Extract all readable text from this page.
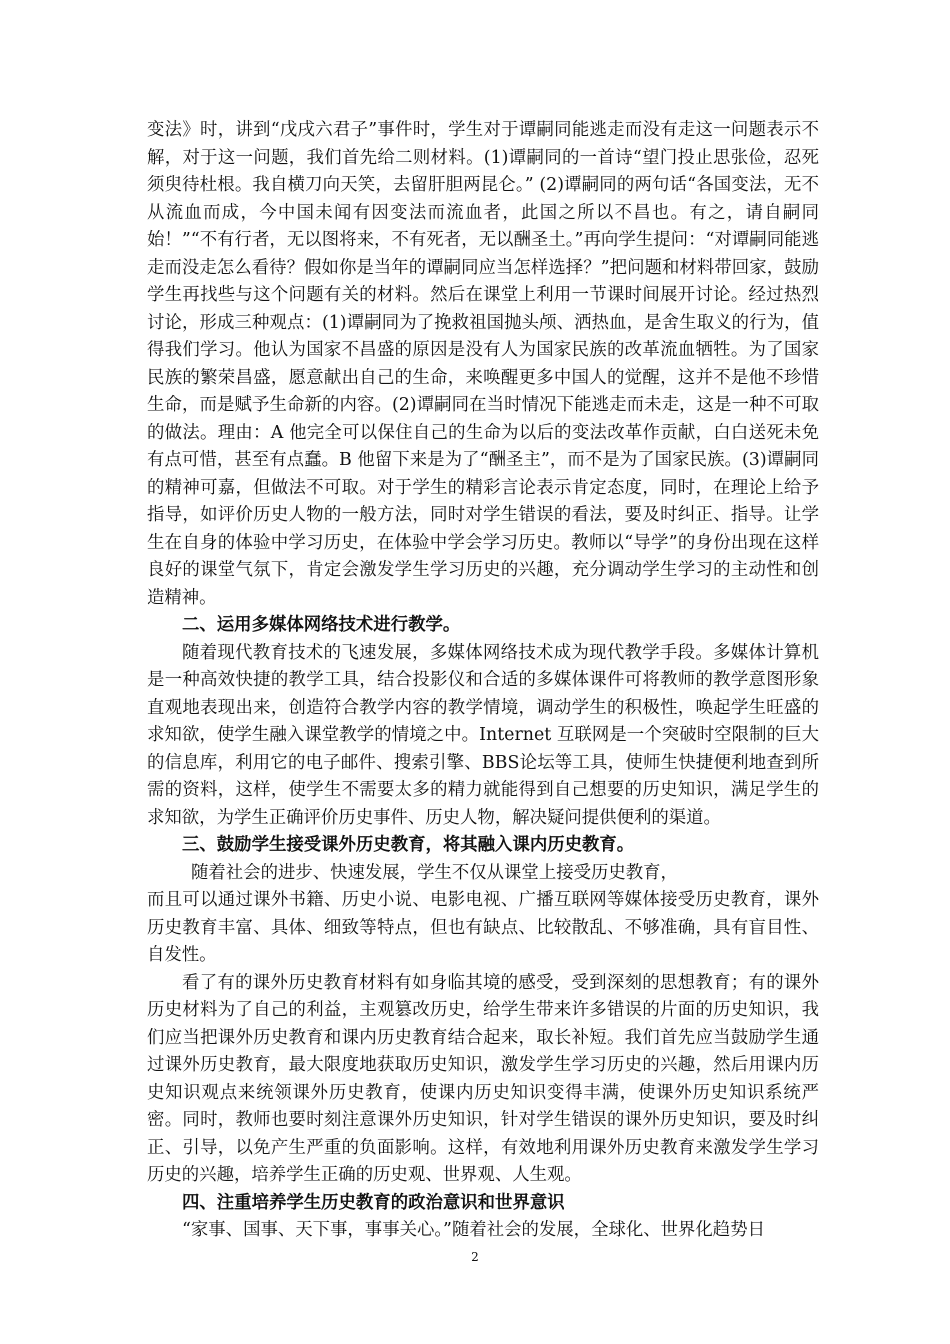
变法》时，讲到“戊戌六君子”事件时，学生对于谭嗣同能逃走而没有走这一问题表示不解，对于这一问题，我们首先给二则材料。(1)谭嗣同的一首诗“望门投止思张俭，忍死须臾待杜根。我自横刀向天笑，去留肝胆两昆仑。” (2)谭嗣同的两句话“各国变法，无不从流血而成，今中国未闻有因变法而流血者，此国之所以不昌也。有之，请自嗣同始！”“不有行者，无以图将来，不有死者，无以酬圣土。”再向学生提问：“对谭嗣同能逃走而没走怎么看待？假如你是当年的谭嗣同应当怎样选择？”把问题和材料带回家，鼓励学生再找些与这个问题有关的材料。然后在课堂上利用一节课时间展开讨论。经过热烈讨论，形成三种观点：(1)谭嗣同为了挽救祖国抛头颅、洒热血，是舍生取义的行为，值得我们学习。他认为国家不昌盛的原因是没有人为国家民族的改革流血牺牲。为了国家民族的繁荣昌盛，愿意献出自己的生命，来唤醒更多中国人的觉醒，这并不是他不珍惜生命，而是赋予生命新的内容。(2)谭嗣同在当时情况下能逃走而未走，这是一种不可取的做法。理由：A 他完全可以保住自己的生命为以后的变法改革作贡献，白白送死未免有点可惜，甚至有点蠢。B 他留下来是为了“酬圣主”，而不是为了国家民族。(3)谭嗣同的精神可嘉，但做法不可取。对于学生的精彩言论表示肯定态度，同时，在理论上给予指导，如评价历史人物的一般方法，同时对学生错误的看法，要及时纠正、指导。让学生在自身的体验中学习历史，在体验中学会学习历史。教师以“导学”的身份出现在这样良好的课堂气氛下，肯定会激发学生学习历史的兴趣，充分调动学生学习的主动性和创造精神。

二、运用多媒体网络技术进行教学。

随着现代教育技术的飞速发展，多媒体网络技术成为现代教学手段。多媒体计算机是一种高效快捷的教学工具，结合投影仪和合适的多媒体课件可将教师的教学意图形象直观地表现出来，创造符合教学内容的教学情境，调动学生的积极性，唤起学生旺盛的求知欲，使学生融入课堂教学的情境之中。Internet 互联网是一个突破时空限制的巨大的信息库，利用它的电子邮件、搜索引擎、BBS论坛等工具，使师生快捷便利地查到所需的资料，这样，使学生不需要太多的精力就能得到自己想要的历史知识，满足学生的求知欲，为学生正确评价历史事件、历史人物，解决疑问提供便利的渠道。

三、鼓励学生接受课外历史教育，将其融入课内历史教育。

随着社会的进步、快速发展，学生不仅从课堂上接受历史教育，

而且可以通过课外书籍、历史小说、电影电视、广播互联网等媒体接受历史教育，课外历史教育丰富、具体、细致等特点，但也有缺点、比较散乱、不够准确，具有盲目性、自发性。

看了有的课外历史教育材料有如身临其境的感受，受到深刻的思想教育；有的课外历史材料为了自己的利益，主观篡改历史，给学生带来许多错误的片面的历史知识，我们应当把课外历史教育和课内历史教育结合起来，取长补短。我们首先应当鼓励学生通过课外历史教育，最大限度地获取历史知识，激发学生学习历史的兴趣，然后用课内历史知识观点来统领课外历史教育，使课内历史知识变得丰满，使课外历史知识系统严密。同时，教师也要时刻注意课外历史知识，针对学生错误的课外历史知识，要及时纠正、引导，以免产生严重的负面影响。这样，有效地利用课外历史教育来激发学生学习历史的兴趣，培养学生正确的历史观、世界观、人生观。

四、注重培养学生历史教育的政治意识和世界意识

“家事、国事、天下事，事事关心。”随着社会的发展，全球化、世界化趋势日

2
